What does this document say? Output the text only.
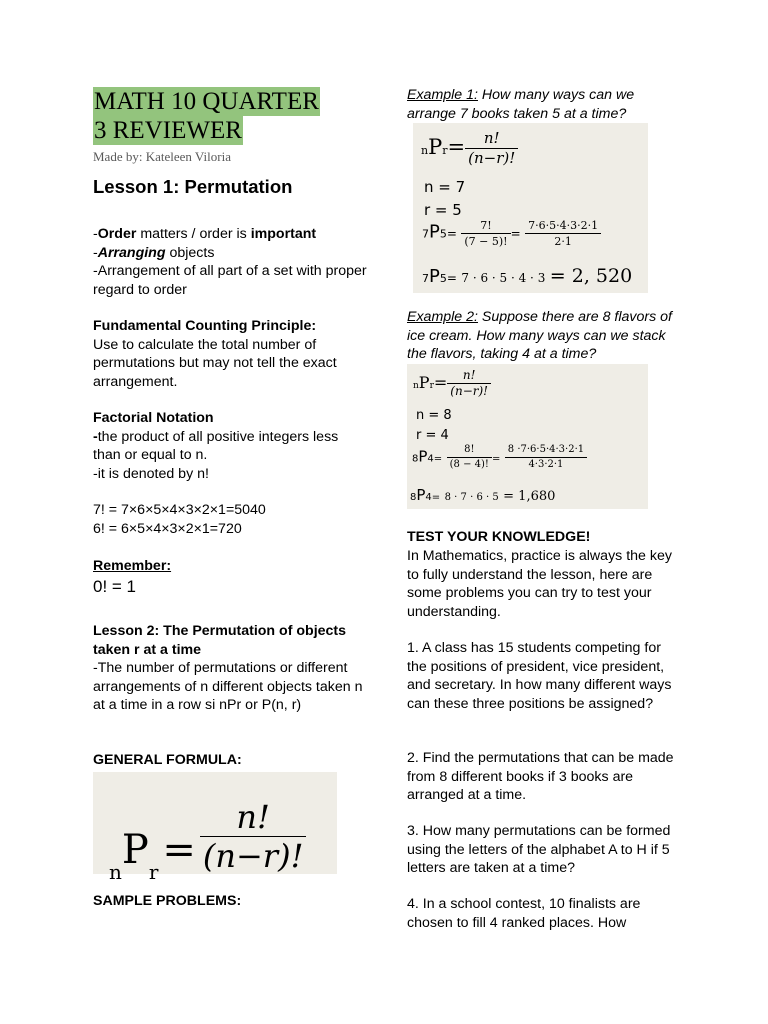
MATH 10 QUARTER
3 REVIEWER
Made by: Kateleen Viloria
Lesson 1: Permutation
-Order matters / order is important
-Arranging objects
-Arrangement of all part of a set with proper regard to order
Fundamental Counting Principle:
Use to calculate the total number of permutations but may not tell the exact arrangement.
Factorial Notation
-the product of all positive integers less than or equal to n.
-it is denoted by n!
7! = 7×6×5×4×3×2×1=5040
6! = 6×5×4×3×2×1=720
Remember:
0! = 1
Lesson 2: The Permutation of objects taken r at a time
-The number of permutations or different arrangements of n different objects taken n at a time in a row si nPr or P(n, r)
GENERAL FORMULA:
$_nP_r = \frac{n!}{(n-r)!}$
SAMPLE PROBLEMS:
Example 1: How many ways can we arrange 7 books taken 5 at a time?
$nPr= \frac{n!}{(n-r)!}$
n = 7
r = 5
$7P5= \frac{7!}{(7 - 5)!} = \frac{7\cdot 6\cdot 5\cdot 4\cdot 3\cdot 2\cdot 1}{2\cdot 1}$
7P5= 7 · 6 · 5 · 4 · 3 = 2, 520
Example 2: Suppose there are 8 flavors of ice cream. How many ways can we stack the flavors, taking 4 at a time?
$nPr= \frac{n!}{(n-r)!}$
n = 8
r = 4
$8P4= \frac{8!}{(8 - 4)!} = \frac{8 \cdot 7\cdot 6\cdot 5\cdot 4\cdot 3\cdot 2\cdot 1}{4\cdot 3\cdot 2\cdot 1}$
8P4= 8 · 7 · 6 · 5 = 1,680
TEST YOUR KNOWLEDGE!
In Mathematics, practice is always the key to fully understand the lesson, here are some problems you can try to test your understanding.
1. A class has 15 students competing for the positions of president, vice president, and secretary. In how many different ways can these three positions be assigned?
2. Find the permutations that can be made from 8 different books if 3 books are arranged at a time.
3. How many permutations can be formed using the letters of the alphabet A to H if 5 letters are taken at a time?
4. In a school contest, 10 finalists are chosen to fill 4 ranked places. How
